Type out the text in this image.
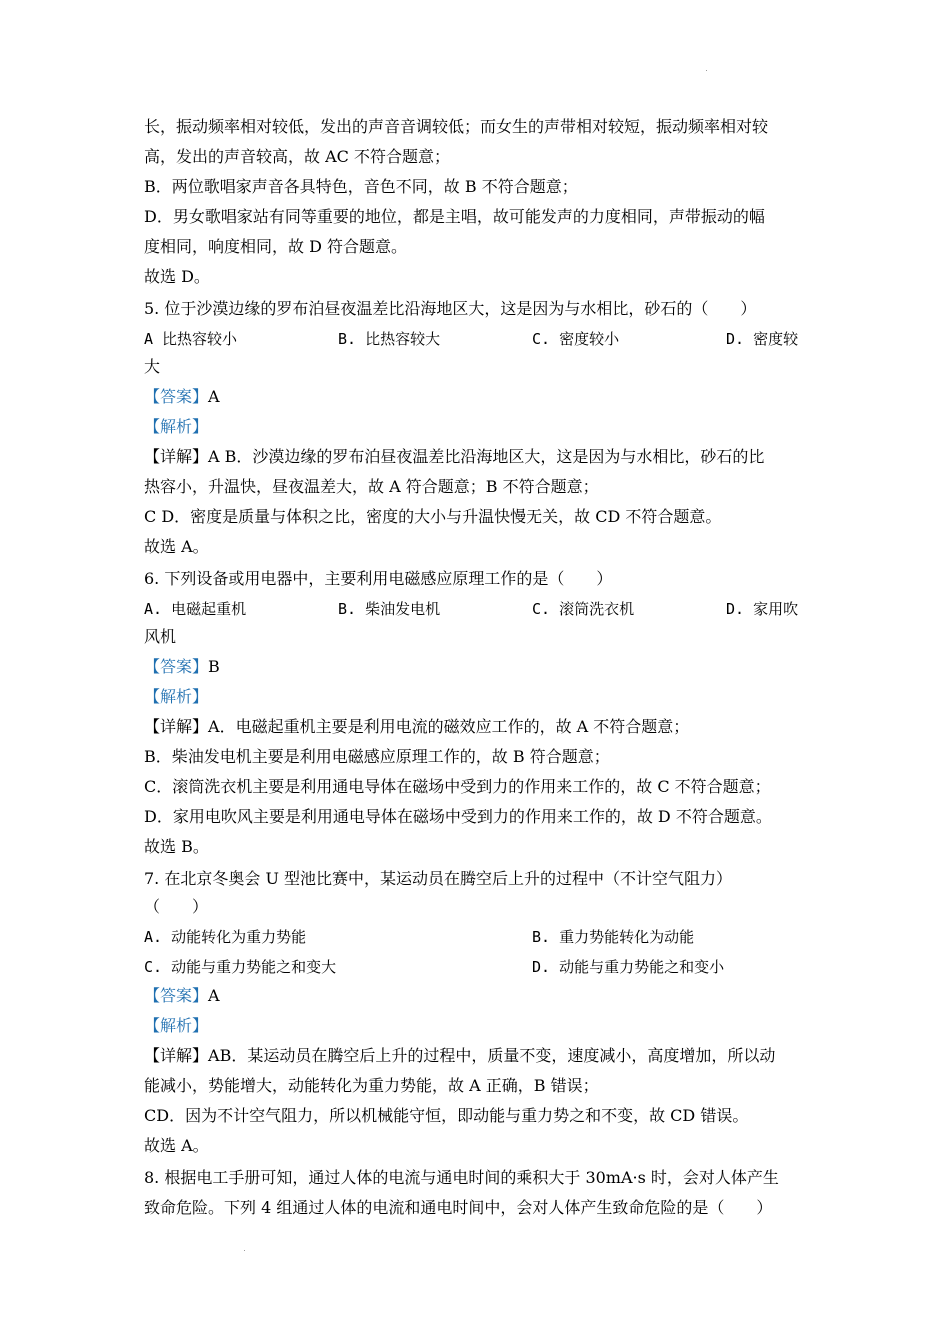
长，振动频率相对较低，发出的声音音调较低；而女生的声带相对较短，振动频率相对较
高，发出的声音较高，故 AC 不符合题意；
B．两位歌唱家声音各具特色，音色不同，故 B 不符合题意；
D．男女歌唱家站有同等重要的地位，都是主唱，故可能发声的力度相同，声带振动的幅
度相同，响度相同，故 D 符合题意。
故选 D。
5. 位于沙漠边缘的罗布泊昼夜温差比沿海地区大，这是因为与水相比，砂石的（　　）
A 比热容较小	B. 比热容较大	C. 密度较小	D. 密度较
大
【答案】A
【解析】
【详解】A B．沙漠边缘的罗布泊昼夜温差比沿海地区大，这是因为与水相比，砂石的比
热容小，升温快，昼夜温差大，故 A 符合题意；B 不符合题意；
C D．密度是质量与体积之比，密度的大小与升温快慢无关，故 CD 不符合题意。
故选 A。
6. 下列设备或用电器中，主要利用电磁感应原理工作的是（　　）
A. 电磁起重机	B. 柴油发电机	C. 滚筒洗衣机	D. 家用吹
风机
【答案】B
【解析】
【详解】A．电磁起重机主要是利用电流的磁效应工作的，故 A 不符合题意；
B．柴油发电机主要是利用电磁感应原理工作的，故 B 符合题意；
C．滚筒洗衣机主要是利用通电导体在磁场中受到力的作用来工作的，故 C 不符合题意；
D．家用电吹风主要是利用通电导体在磁场中受到力的作用来工作的，故 D 不符合题意。
故选 B。
7. 在北京冬奥会 U 型池比赛中，某运动员在腾空后上升的过程中（不计空气阻力）
（　　）
A. 动能转化为重力势能	B. 重力势能转化为动能
C. 动能与重力势能之和变大	D. 动能与重力势能之和变小
【答案】A
【解析】
【详解】AB．某运动员在腾空后上升的过程中，质量不变，速度减小，高度增加，所以动
能减小，势能增大，动能转化为重力势能，故 A 正确，B 错误；
CD．因为不计空气阻力，所以机械能守恒，即动能与重力势之和不变，故 CD 错误。
故选 A。
8. 根据电工手册可知，通过人体的电流与通电时间的乘积大于 30mA·s 时，会对人体产生
致命危险。下列 4 组通过人体的电流和通电时间中，会对人体产生致命危险的是（　　）
